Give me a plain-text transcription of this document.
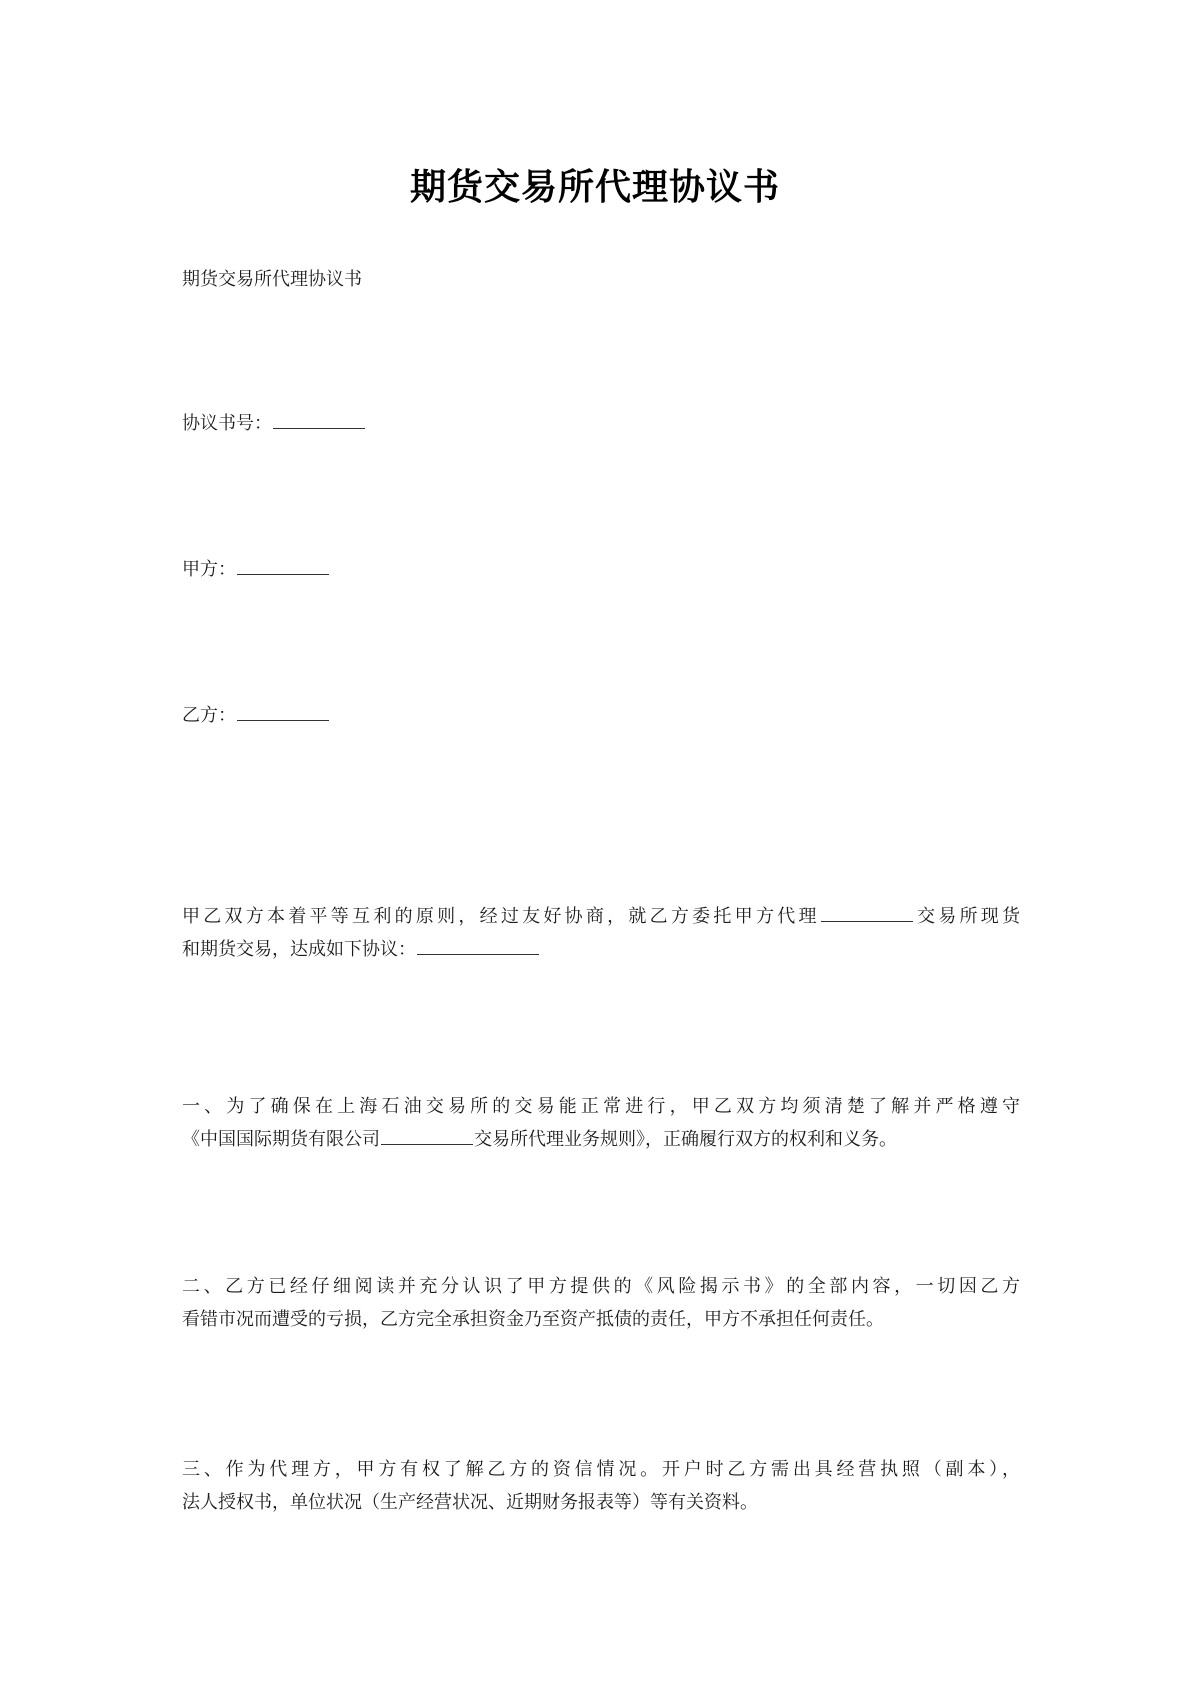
期货交易所代理协议书
期货交易所代理协议书
协议书号：
甲方：
乙方：
甲乙双方本着平等互利的原则，经过友好协商，就乙方委托甲方代理	交易所现货
和期货交易，达成如下协议：
一、为了确保在上海石油交易所的交易能正常进行，甲乙双方均须清楚了解并严格遵守
《中国国际期货有限公司	交易所代理业务规则》，正确履行双方的权利和义务。
二、乙方已经仔细阅读并充分认识了甲方提供的《风险揭示书》的全部内容，一切因乙方
看错市况而遭受的亏损，乙方完全承担资金乃至资产抵债的责任，甲方不承担任何责任。
三、作为代理方，甲方有权了解乙方的资信情况。开户时乙方需出具经营执照（副本），
法人授权书，单位状况（生产经营状况、近期财务报表等）等有关资料。
